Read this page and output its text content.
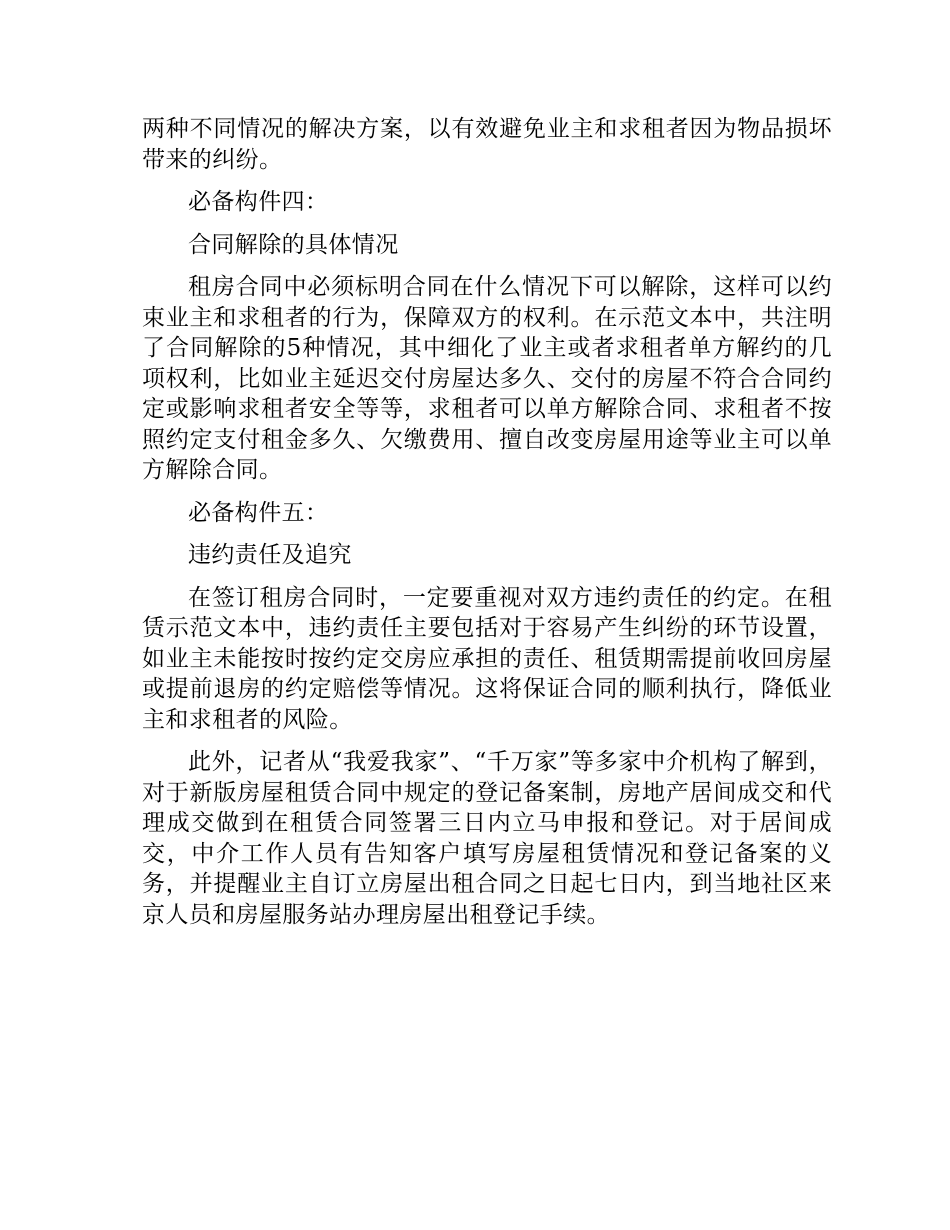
两种不同情况的解决方案，以有效避免业主和求租者因为物品损坏带来的纠纷。

必备构件四：

合同解除的具体情况

租房合同中必须标明合同在什么情况下可以解除，这样可以约束业主和求租者的行为，保障双方的权利。在示范文本中，共注明了合同解除的5种情况，其中细化了业主或者求租者单方解约的几项权利，比如业主延迟交付房屋达多久、交付的房屋不符合合同约定或影响求租者安全等等，求租者可以单方解除合同、求租者不按照约定支付租金多久、欠缴费用、擅自改变房屋用途等业主可以单方解除合同。

必备构件五：

违约责任及追究

在签订租房合同时，一定要重视对双方违约责任的约定。在租赁示范文本中，违约责任主要包括对于容易产生纠纷的环节设置，如业主未能按时按约定交房应承担的责任、租赁期需提前收回房屋或提前退房的约定赔偿等情况。这将保证合同的顺利执行，降低业主和求租者的风险。

此外，记者从“我爱我家”、“千万家”等多家中介机构了解到，对于新版房屋租赁合同中规定的登记备案制，房地产居间成交和代理成交做到在租赁合同签署三日内立马申报和登记。对于居间成交，中介工作人员有告知客户填写房屋租赁情况和登记备案的义务，并提醒业主自订立房屋出租合同之日起七日内，到当地社区来京人员和房屋服务站办理房屋出租登记手续。
